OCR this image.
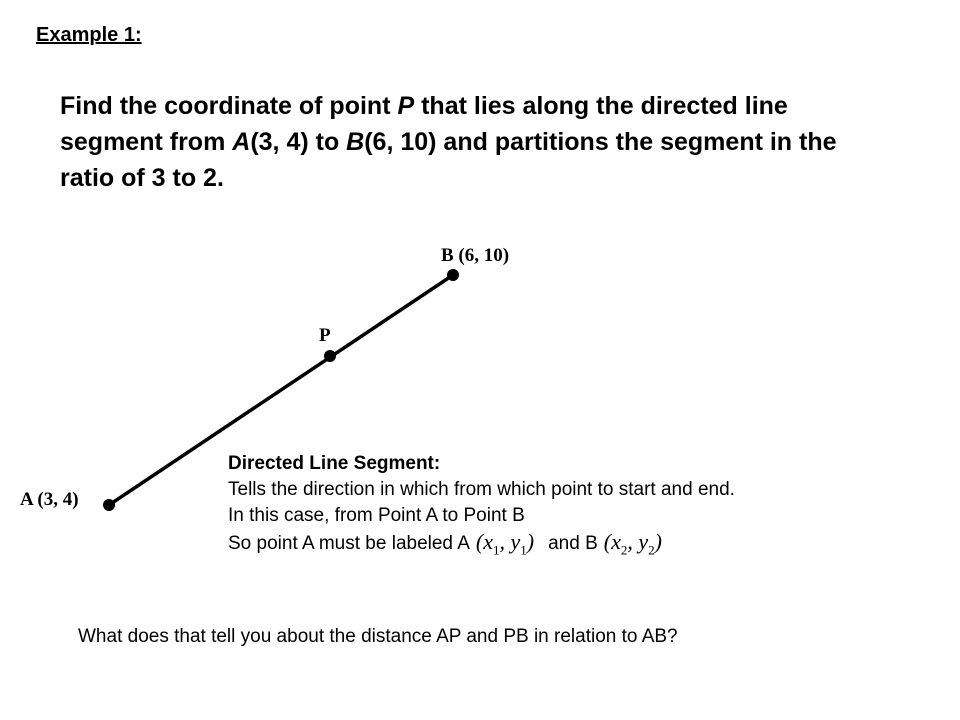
Example 1:
Find the coordinate of point P that lies along the directed line segment from A(3, 4) to B(6, 10) and partitions the segment in the ratio of 3 to 2.
A (3, 4)
P
B (6, 10)
Directed Line Segment:
Tells the direction in which from which point to start and end.
In this case, from Point A to Point B
So point A must be labeled A ($x_1$, $y_1$) and B ($x_2$, $y_2$)
What does that tell you about the distance AP and PB in relation to AB?
